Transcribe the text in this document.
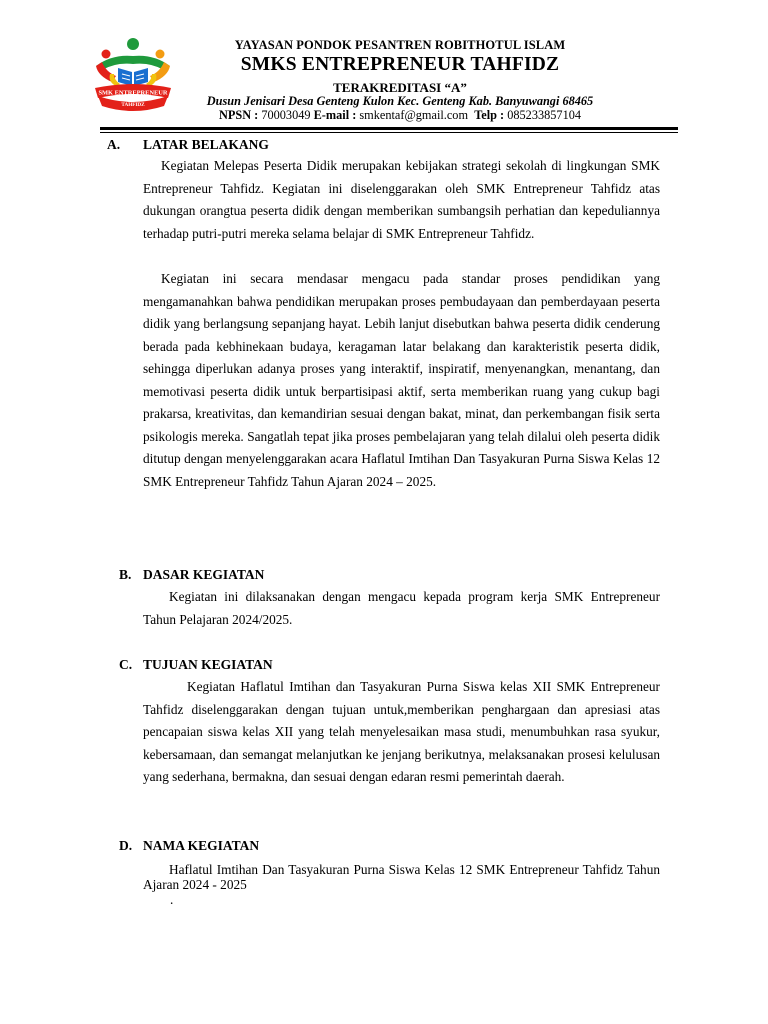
SMK ENTREPRENEUR
TAHFIDZ
YAYASAN PONDOK PESANTREN ROBITHOTUL ISLAM
SMKS ENTREPRENEUR TAHFIDZ
TERAKREDITASI “A”
Dusun Jenisari Desa Genteng Kulon Kec. Genteng Kab. Banyuwangi 68465
NPSN : 70003049 E-mail : smkentaf@gmail.com Telp : 085233857104
A. LATAR BELAKANG
Kegiatan Melepas Peserta Didik merupakan kebijakan strategi sekolah di lingkungan SMK Entrepreneur Tahfidz. Kegiatan ini diselenggarakan oleh SMK Entrepreneur Tahfidz atas dukungan orangtua peserta didik dengan memberikan sumbangsih perhatian dan kepeduliannya terhadap putri-putri mereka selama belajar di SMK Entrepreneur Tahfidz.
Kegiatan ini secara mendasar mengacu pada standar proses pendidikan yang mengamanahkan bahwa pendidikan merupakan proses pembudayaan dan pemberdayaan peserta didik yang berlangsung sepanjang hayat. Lebih lanjut disebutkan bahwa peserta didik cenderung berada pada kebhinekaan budaya, keragaman latar belakang dan karakteristik peserta didik, sehingga diperlukan adanya proses yang interaktif, inspiratif, menyenangkan, menantang, dan memotivasi peserta didik untuk berpartisipasi aktif, serta memberikan ruang yang cukup bagi prakarsa, kreativitas, dan kemandirian sesuai dengan bakat, minat, dan perkembangan fisik serta psikologis mereka. Sangatlah tepat jika proses pembelajaran yang telah dilalui oleh peserta didik ditutup dengan menyelenggarakan acara Haflatul Imtihan Dan Tasyakuran Purna Siswa Kelas 12 SMK Entrepreneur Tahfidz Tahun Ajaran 2024 – 2025.
B. DASAR KEGIATAN
Kegiatan ini dilaksanakan dengan mengacu kepada program kerja SMK Entrepreneur Tahun Pelajaran 2024/2025.
C. TUJUAN KEGIATAN
Kegiatan Haflatul Imtihan dan Tasyakuran Purna Siswa kelas XII SMK Entrepreneur Tahfidz diselenggarakan dengan tujuan untuk,memberikan penghargaan dan apresiasi atas pencapaian siswa kelas XII yang telah menyelesaikan masa studi, menumbuhkan rasa syukur, kebersamaan, dan semangat melanjutkan ke jenjang berikutnya, melaksanakan prosesi kelulusan yang sederhana, bermakna, dan sesuai dengan edaran resmi pemerintah daerah.
D. NAMA KEGIATAN
Haflatul Imtihan Dan Tasyakuran Purna Siswa Kelas 12 SMK Entrepreneur Tahfidz Tahun Ajaran 2024 - 2025
.
